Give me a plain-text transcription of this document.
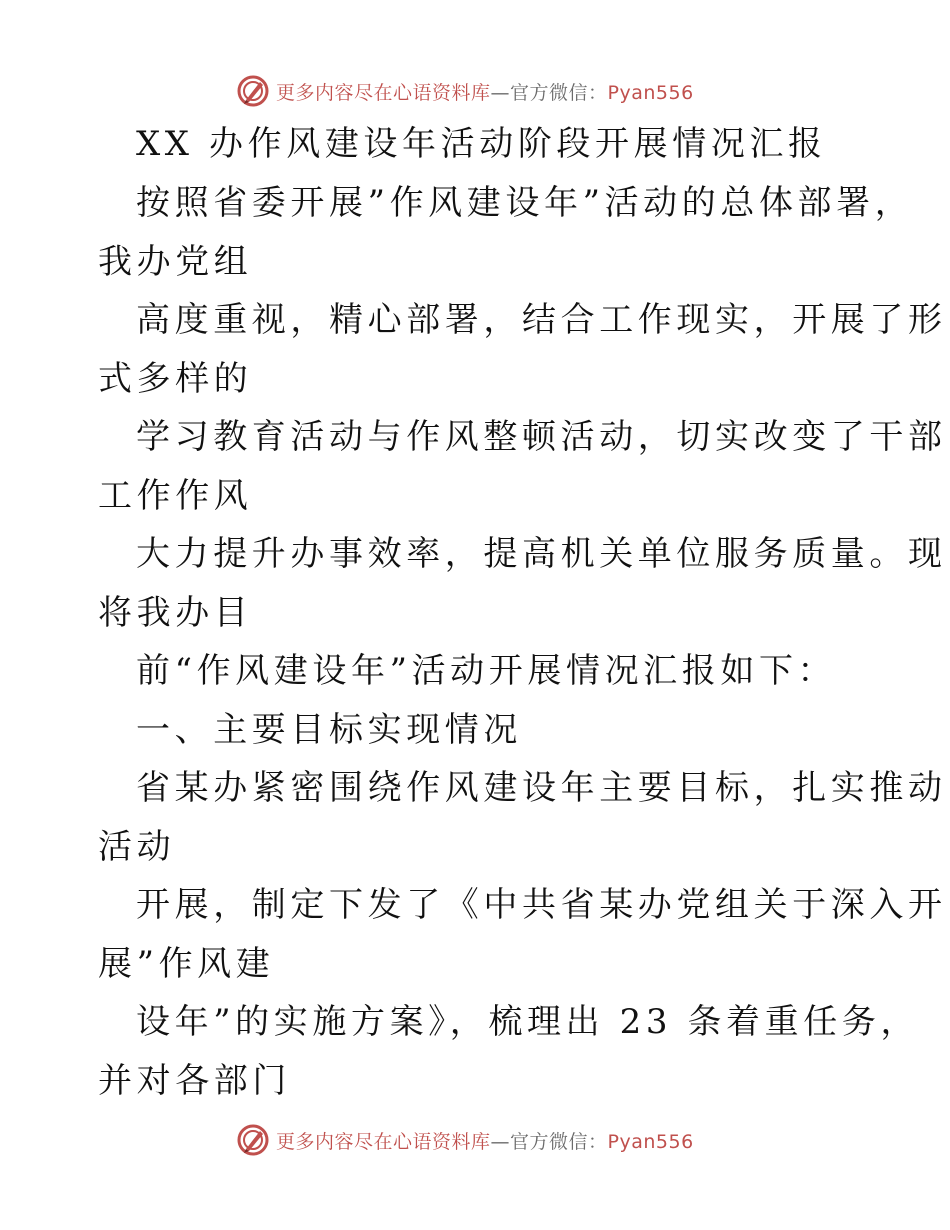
更多内容尽在心语资料库—官方微信：Pyan556
XX 办作风建设年活动阶段开展情况汇报
按照省委开展”作风建设年”活动的总体部署，
我办党组
高度重视，精心部署，结合工作现实，开展了形
式多样的
学习教育活动与作风整顿活动，切实改变了干部
工作作风
大力提升办事效率，提高机关单位服务质量。现
将我办目
前“作风建设年”活动开展情况汇报如下：
一、主要目标实现情况
省某办紧密围绕作风建设年主要目标，扎实推动
活动
开展，制定下发了《中共省某办党组关于深入开
展”作风建
设年”的实施方案》，梳理出 23 条着重任务，
并对各部门
更多内容尽在心语资料库—官方微信：Pyan556
